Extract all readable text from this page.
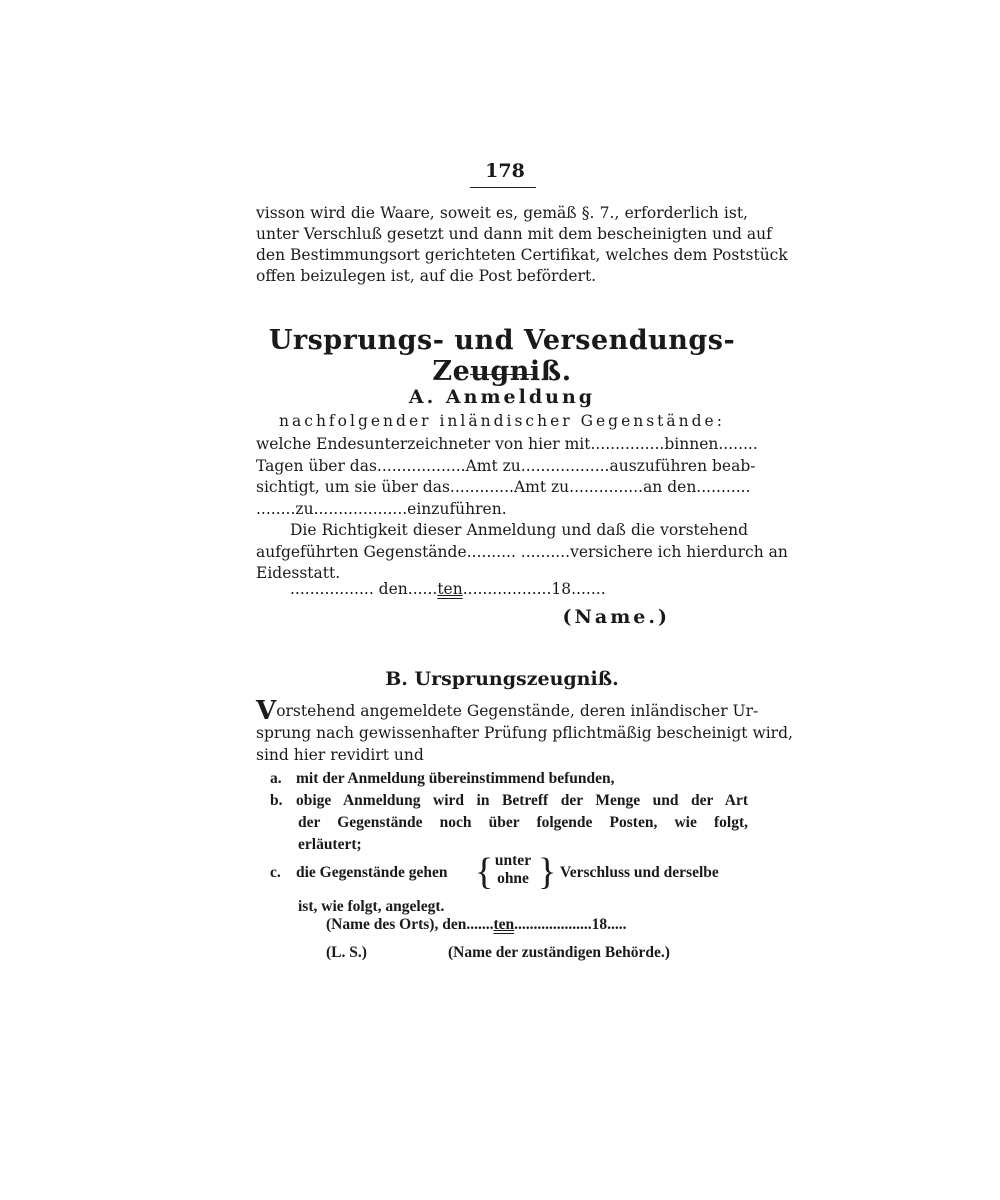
178
visson wird die Waare, soweit es, gemäß §. 7., erforderlich ist,
unter Verschluß gesetzt und dann mit dem bescheinigten und auf
den Bestimmungsort gerichteten Certifikat, welches dem Poststück
offen beizulegen ist, auf die Post befördert.
Ursprungs- und Versendungs-Zeugniß.
A. Anmeldung
nachfolgender inländischer Gegenstände:
welche Endesunterzeichneter von hier mit...............binnen........
Tagen über das..................Amt zu..................auszuführen beab-
sichtigt, um sie über das.............Amt zu...............an den...........
........zu...................einzuführen.
Die Richtigkeit dieser Anmeldung und daß die vorstehend
aufgeführten Gegenstände.......... ..........versichere ich hierdurch an
Eidesstatt.
................. den......ten..................18.......
(Name.)
B. Ursprungszeugniß.
Vorstehend angemeldete Gegenstände, deren inländischer Ur-
sprung nach gewissenhafter Prüfung pflichtmäßig bescheinigt wird,
sind hier revidirt und
a. mit der Anmeldung übereinstimmend befunden,
b. obige Anmeldung wird in Betreff der Menge und der Art
der Gegenstände noch über folgende Posten, wie folgt,
erläutert;
c. die Gegenstände gehen { unter
ohne } Verschluss und derselbe
ist, wie folgt, angelegt.
(Name des Orts), den.......ten....................18.....
(L. S.)	(Name der zuständigen Behörde.)
